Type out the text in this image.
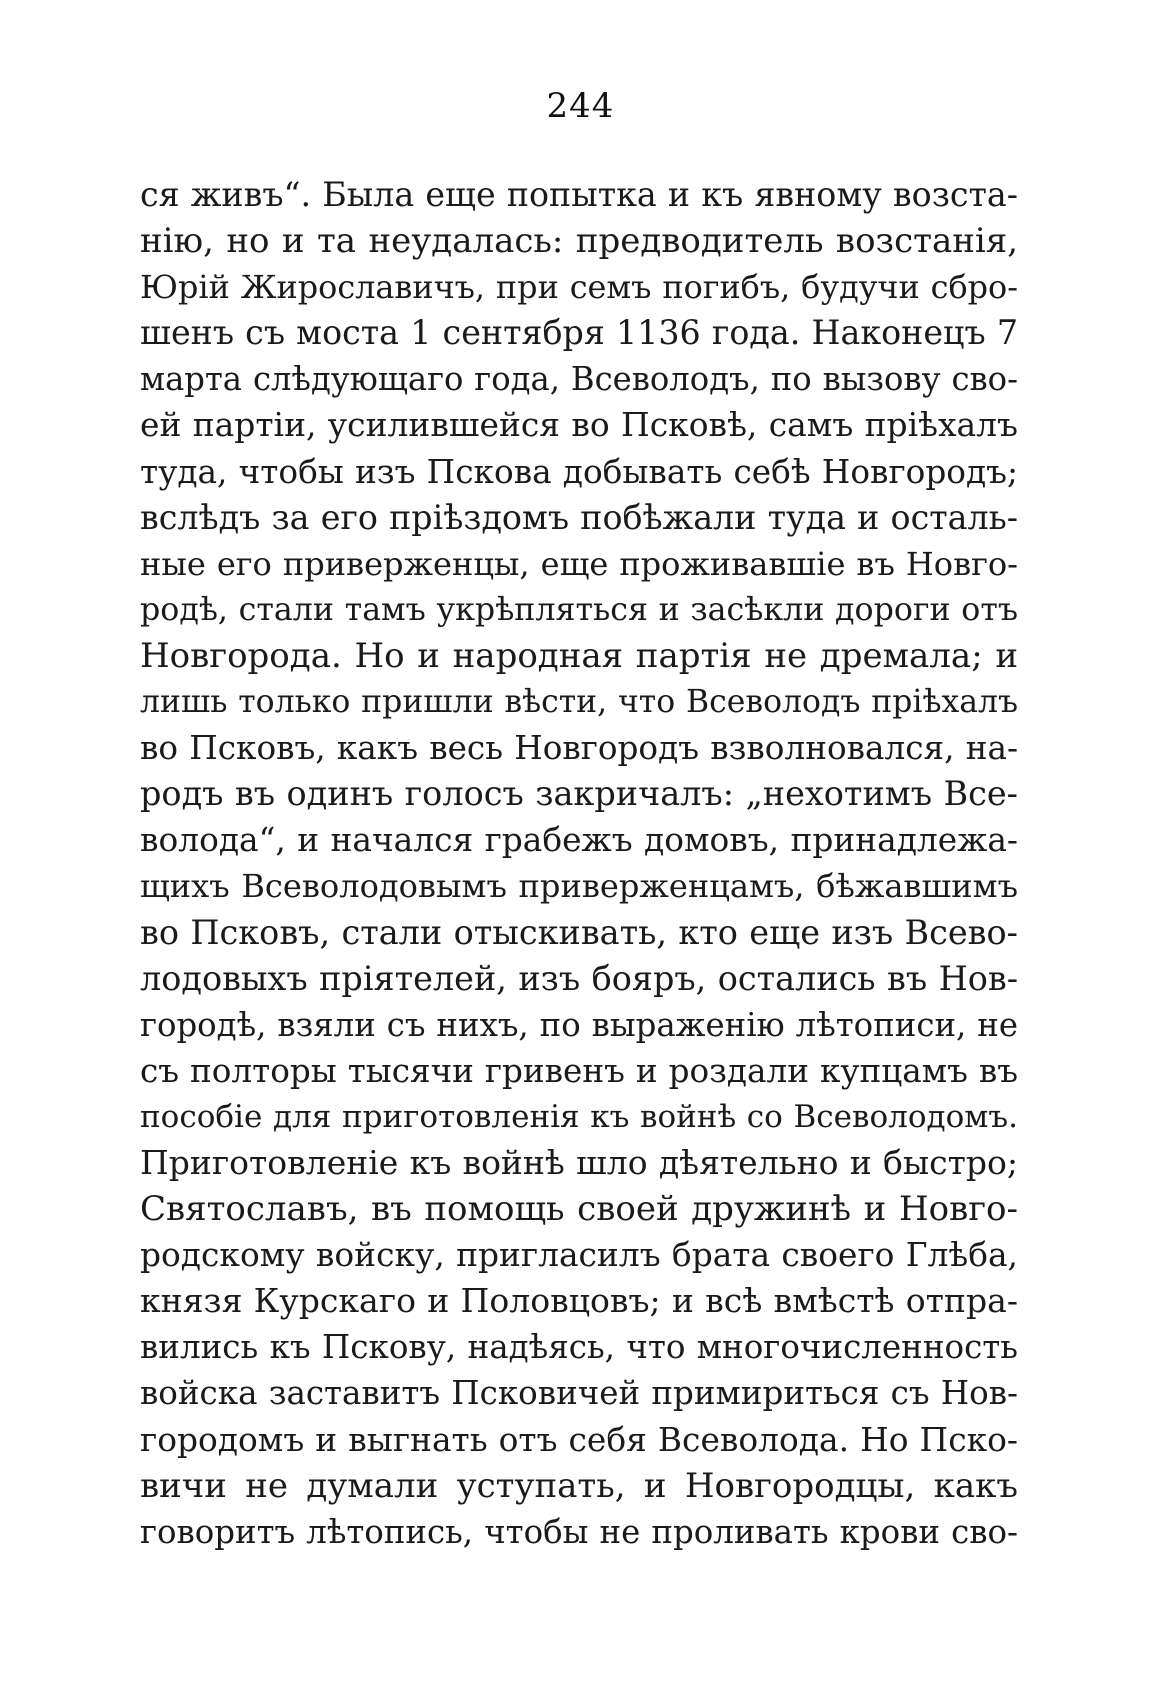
244
ся живъ“. Была еще попытка и къ явному возста-
нію, но и та неудалась: предводитель возстанія,
Юрій Жирославичъ, при семъ погибъ, будучи сбро-
шенъ съ моста 1 сентября 1136 года. Наконецъ 7
марта слѣдующаго года, Всеволодъ, по вызову сво-
ей партіи, усилившейся во Псковѣ, самъ пріѣхалъ
туда, чтобы изъ Пскова добывать себѣ Новгородъ;
вслѣдъ за его пріѣздомъ побѣжали туда и осталь-
ные его приверженцы, еще проживавшіе въ Новго-
родѣ, стали тамъ укрѣпляться и засѣкли дороги отъ
Новгорода. Но и народная партія не дремала; и
лишь только пришли вѣсти, что Всеволодъ пріѣхалъ
во Псковъ, какъ весь Новгородъ взволновался, на-
родъ въ одинъ голосъ закричалъ: „нехотимъ Все-
волода“, и начался грабежъ домовъ, принадлежа-
щихъ Всеволодовымъ приверженцамъ, бѣжавшимъ
во Псковъ, стали отыскивать, кто еще изъ Всево-
лодовыхъ пріятелей, изъ бояръ, остались въ Нов-
городѣ, взяли съ нихъ, по выраженію лѣтописи, не
съ полторы тысячи гривенъ и роздали купцамъ въ
пособіе для приготовленія къ войнѣ со Всеволодомъ.
Приготовленіе къ войнѣ шло дѣятельно и быстро;
Святославъ, въ помощь своей дружинѣ и Новго-
родскому войску, пригласилъ брата своего Глѣба,
князя Курскаго и Половцовъ; и всѣ вмѣстѣ отпра-
вились къ Пскову, надѣясь, что многочисленность
войска заставитъ Псковичей примириться съ Нов-
городомъ и выгнать отъ себя Всеволода. Но Пско-
вичи не думали уступать, и Новгородцы, какъ
говоритъ лѣтопись, чтобы не проливать крови сво-
